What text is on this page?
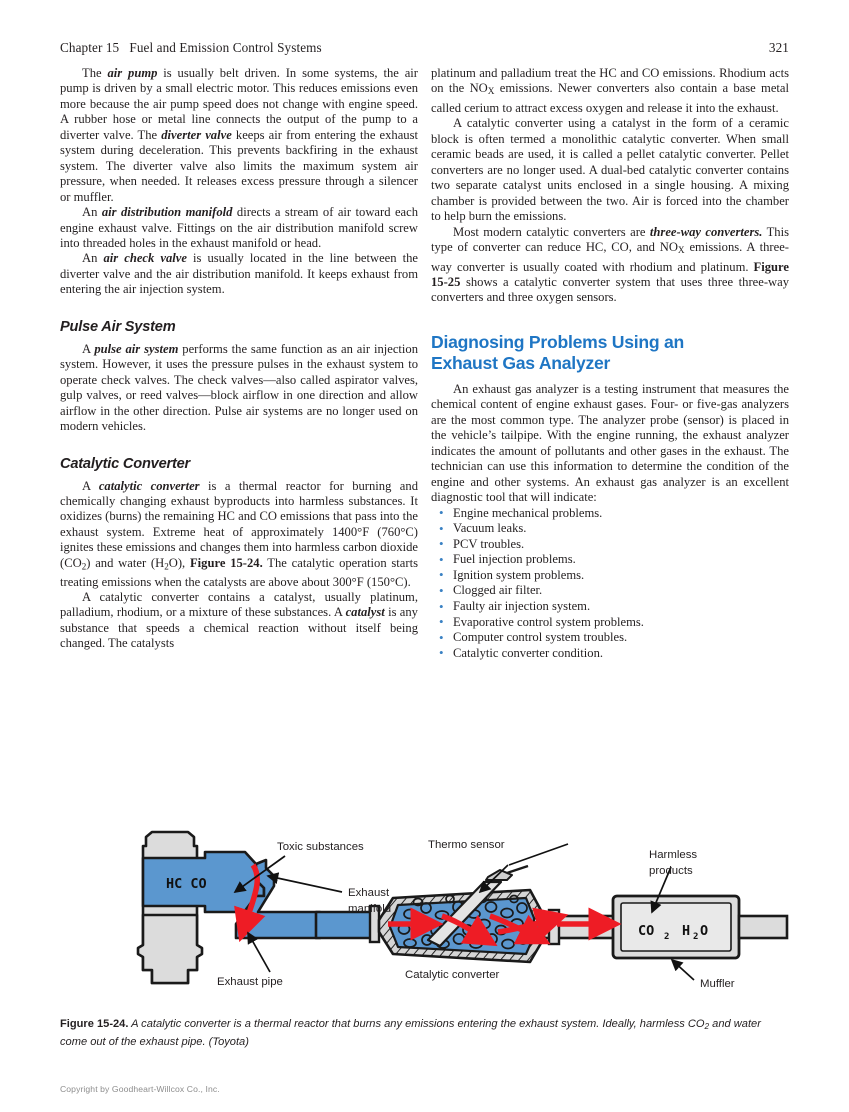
Chapter 15   Fuel and Emission Control Systems	321

The air pump is usually belt driven. In some systems, the air pump is driven by a small electric motor. This reduces emissions even more because the air pump speed does not change with engine speed. A rubber hose or metal line connects the output of the pump to a diverter valve. The diverter valve keeps air from entering the exhaust system during deceleration. This prevents backfiring in the exhaust system. The diverter valve also limits the maximum system air pressure, when needed. It releases excess pressure through a silencer or muffler.

An air distribution manifold directs a stream of air toward each engine exhaust valve. Fittings on the air distribution manifold screw into threaded holes in the exhaust manifold or head.

An air check valve is usually located in the line between the diverter valve and the air distribution manifold. It keeps exhaust from entering the air injection system.

Pulse Air System

A pulse air system performs the same function as an air injection system. However, it uses the pressure pulses in the exhaust system to operate check valves. The check valves—also called aspirator valves, gulp valves, or reed valves—block airflow in one direction and allow airflow in the other direction. Pulse air systems are no longer used on modern vehicles.

Catalytic Converter

A catalytic converter is a thermal reactor for burning and chemically changing exhaust byproducts into harmless substances. It oxidizes (burns) the remaining HC and CO emissions that pass into the exhaust system. Extreme heat of approximately 1400°F (760°C) ignites these emissions and changes them into harmless carbon dioxide $(CO_2)$ and water $(H_2O)$, Figure 15-24. The catalytic operation starts treating emissions when the catalysts are above about 300°F (150°C).

A catalytic converter contains a catalyst, usually platinum, palladium, rhodium, or a mixture of these substances. A catalyst is any substance that speeds a chemical reaction without itself being changed. The catalysts

platinum and palladium treat the HC and CO emissions. Rhodium acts on the $NO_X$ emissions. Newer converters also contain a base metal called cerium to attract excess oxygen and release it into the exhaust.

A catalytic converter using a catalyst in the form of a ceramic block is often termed a monolithic catalytic converter. When small ceramic beads are used, it is called a pellet catalytic converter. Pellet converters are no longer used. A dual-bed catalytic converter contains two separate catalyst units enclosed in a single housing. A mixing chamber is provided between the two. Air is forced into the chamber to help burn the emissions.

Most modern catalytic converters are three-way converters. This type of converter can reduce HC, CO, and $NO_X$ emissions. A three-way converter is usually coated with rhodium and platinum. Figure 15-25 shows a catalytic converter system that uses three three-way converters and three oxygen sensors.

Diagnosing Problems Using an
Exhaust Gas Analyzer

An exhaust gas analyzer is a testing instrument that measures the chemical content of engine exhaust gases. Four- or five-gas analyzers are the most common type. The analyzer probe (sensor) is placed in the vehicle’s tailpipe. With the engine running, the exhaust analyzer indicates the amount of pollutants and other gases in the exhaust. The technician can use this information to determine the condition of the engine and other systems. An exhaust gas analyzer is an excellent diagnostic tool that will indicate:

• Engine mechanical problems.
• Vacuum leaks.
• PCV troubles.
• Fuel injection problems.
• Ignition system problems.
• Clogged air filter.
• Faulty air injection system.
• Evaporative control system problems.
• Computer control system troubles.
• Catalytic converter condition.
Toxic substances
Exhaust
manifold
Exhaust pipe
Thermo sensor
Catalytic converter
Harmless
products
Muffler
HC CO
CO 2 H 2 O
Figure 15-24. A catalytic converter is a thermal reactor that burns any emissions entering the exhaust system. Ideally, harmless $CO_2$ and water come out of the exhaust pipe. (Toyota)
Copyright by Goodheart-Willcox Co., Inc.
